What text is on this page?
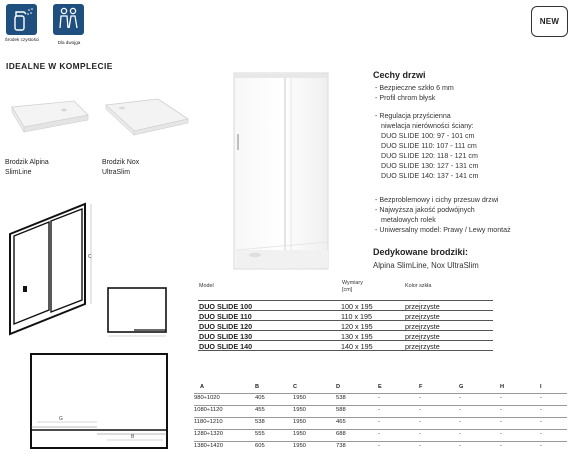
Środek czystości
Dla dwojga
NEW
IDEALNE W KOMPLECIE
Brodzik Alpina
SlimLine
Brodzik Nox
UltraSlim
Cechy drzwi
- Bezpieczne szkło 6 mm
- Profil chrom błysk
- Regulacja przyścienna
niwelacja nierówności ściany:
DUO SLIDE 100: 97 - 101 cm
DUO SLIDE 110: 107 - 111 cm
DUO SLIDE 120: 118 - 121 cm
DUO SLIDE 130: 127 - 131 cm
DUO SLIDE 140: 137 - 141 cm
- Bezproblemowy i cichy przesuw drzwi
- Najwyższa jakość podwójnych
metalowych rolek
- Uniwersalny model: Prawy / Lewy montaż
Dedykowane brodziki:
Alpina SlimLine, Nox UltraSlim
C
G
B
Model	Wymiary
[cm]
Kolor szkła
DUO SLIDE 100	100 x 195	przejrzyste
DUO SLIDE 110	110 x 195	przejrzyste
DUO SLIDE 120	120 x 195	przejrzyste
DUO SLIDE 130	130 x 195	przejrzyste
DUO SLIDE 140	140 x 195	przejrzyste
A	B	C	D	E	F	G	H	I
980÷1020	405	1950	538	-	-	-	-	-
1080÷1120	455	1950	588	-	-	-	-	-
1180÷1210	538	1950	465	-	-	-	-	-
1280÷1320	555	1950	688	-	-	-	-	-
1380÷1420	605	1950	738	-	-	-	-	-
